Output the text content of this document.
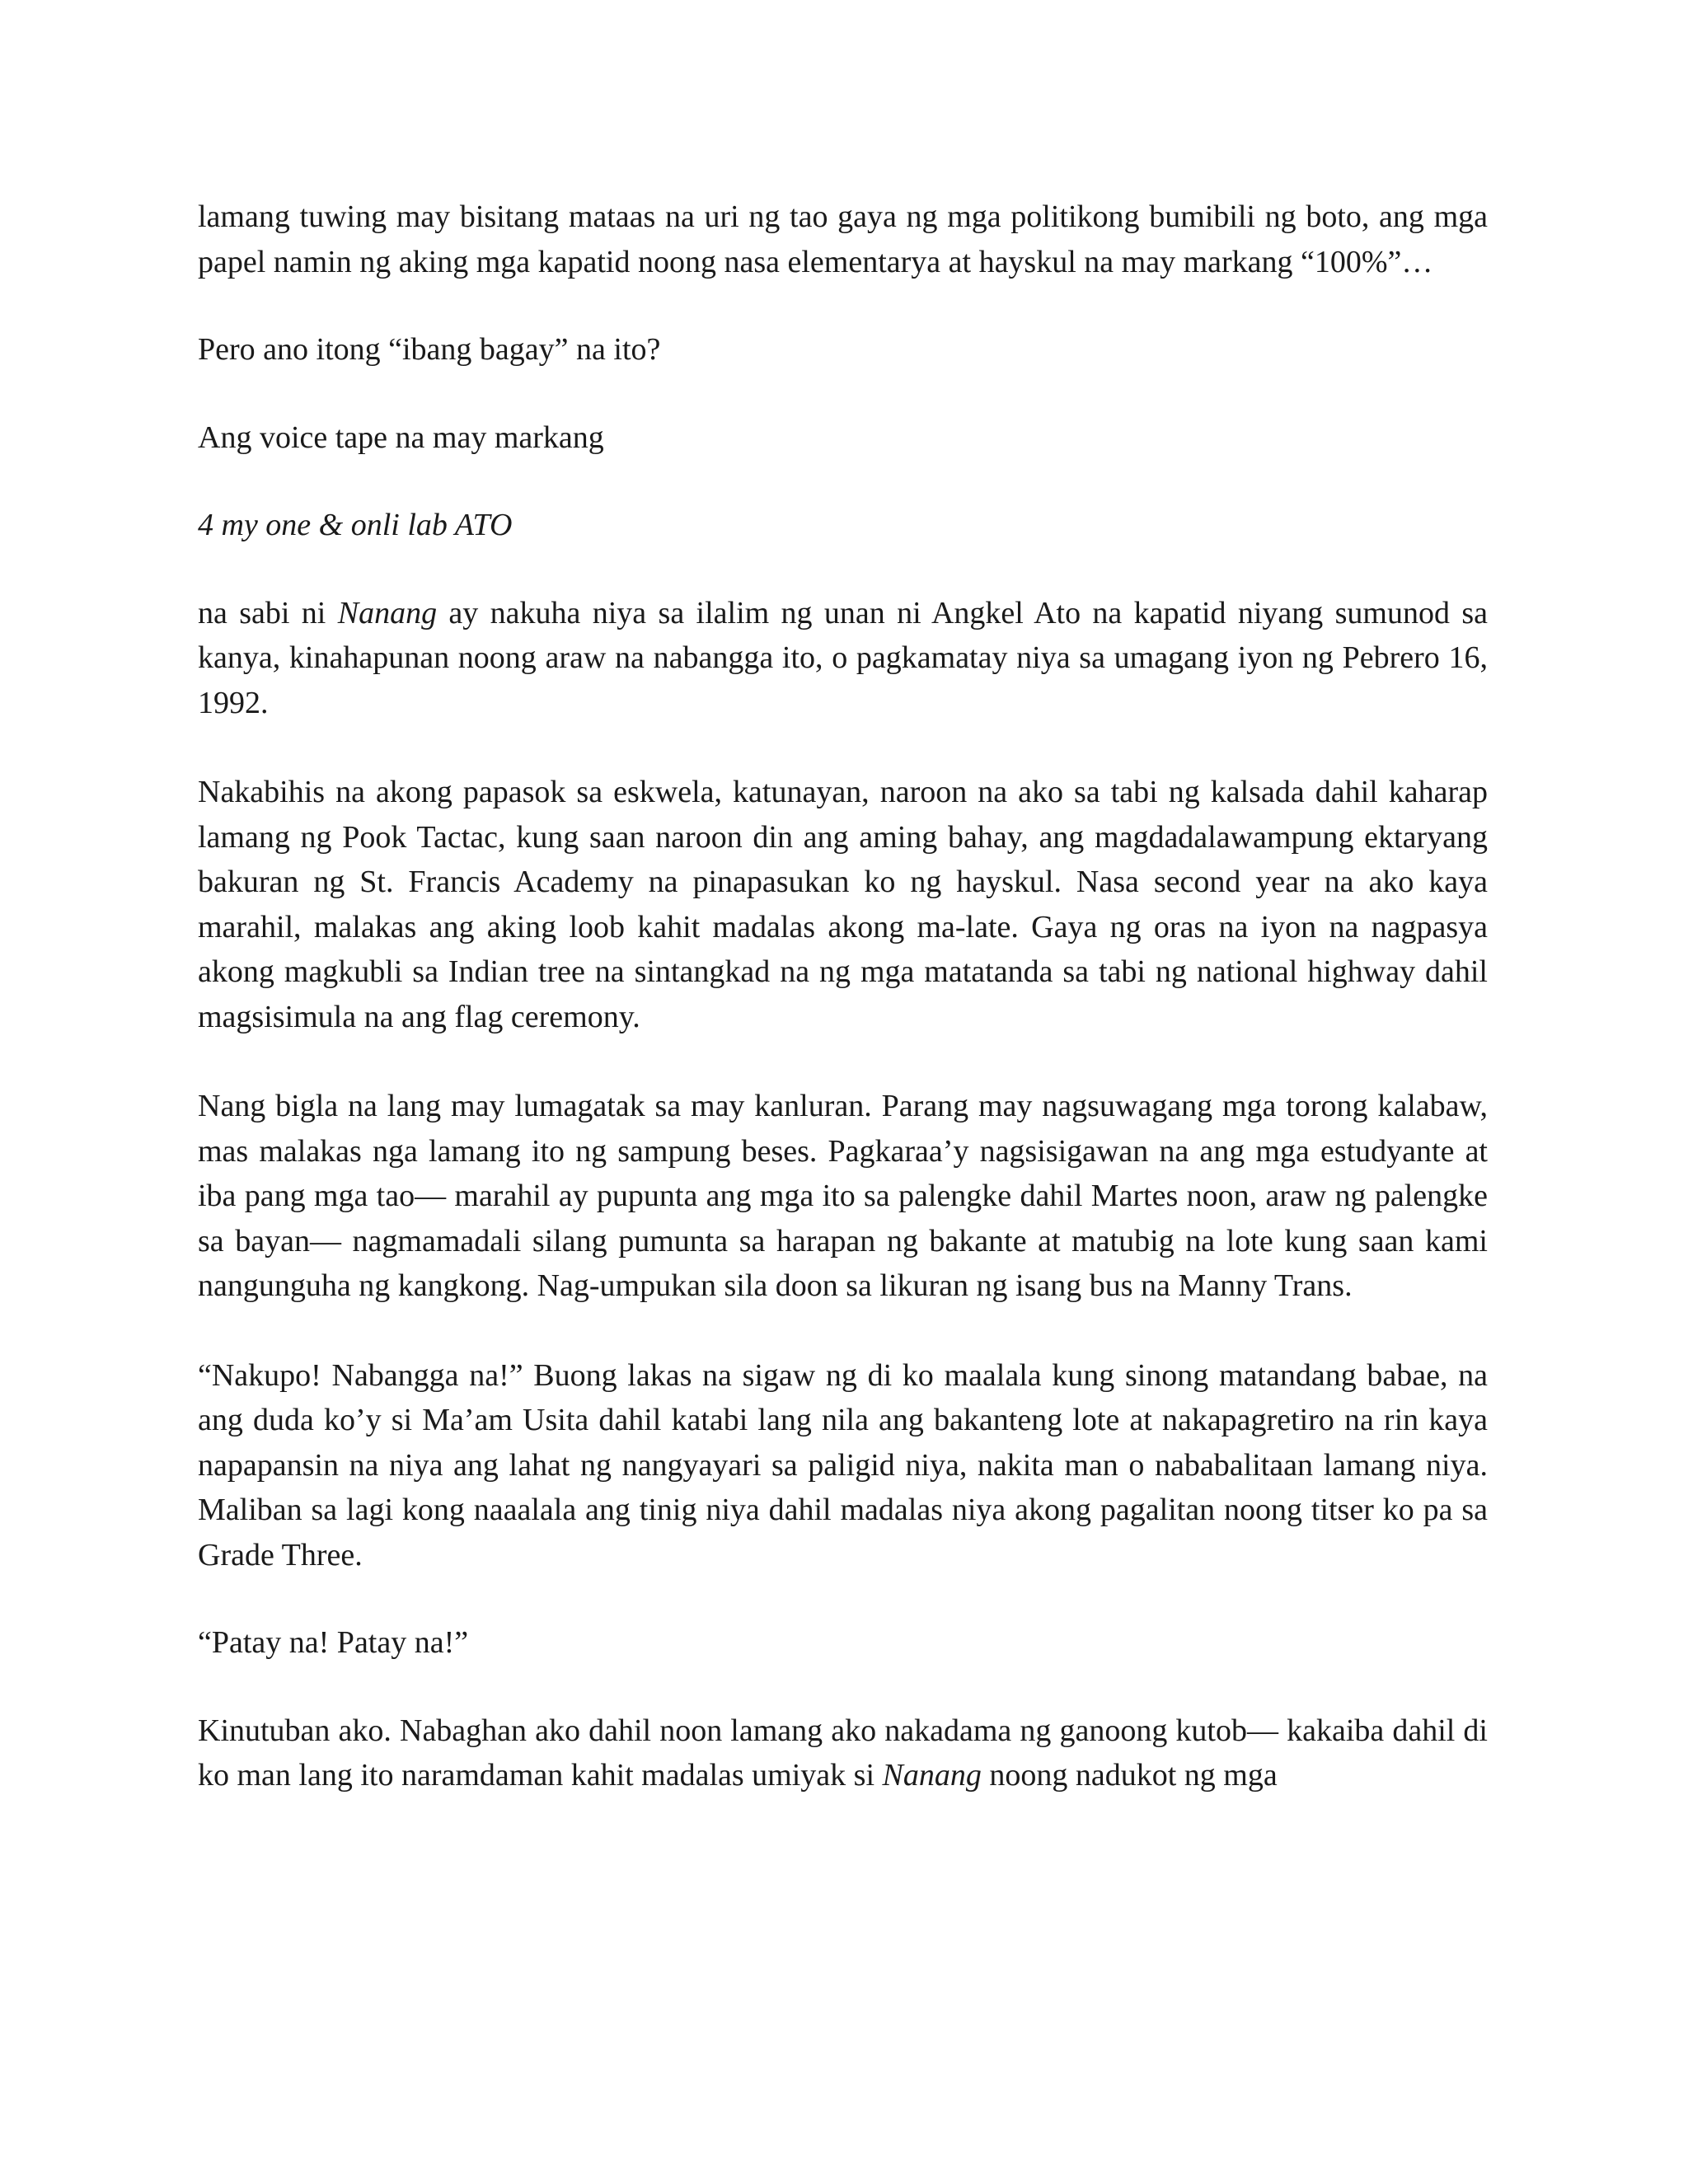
lamang tuwing may bisitang mataas na uri ng tao gaya ng mga politikong bumibili ng boto, ang mga papel namin ng aking mga kapatid noong nasa elementarya at hayskul na may markang “100%”…

Pero ano itong “ibang bagay” na ito?

Ang voice tape na may markang

4 my one & onli lab ATO

na sabi ni Nanang ay nakuha niya sa ilalim ng unan ni Angkel Ato na kapatid niyang sumunod sa kanya, kinahapunan noong araw na nabangga ito, o pagkamatay niya sa umagang iyon ng Pebrero 16, 1992.

Nakabihis na akong papasok sa eskwela, katunayan, naroon na ako sa tabi ng kalsada dahil kaharap lamang ng Pook Tactac, kung saan naroon din ang aming bahay, ang magdadalawampung ektaryang bakuran ng St. Francis Academy na pinapasukan ko ng hayskul. Nasa second year na ako kaya marahil, malakas ang aking loob kahit madalas akong ma-late. Gaya ng oras na iyon na nagpasya akong magkubli sa Indian tree na sintangkad na ng mga matatanda sa tabi ng national highway dahil magsisimula na ang flag ceremony.

Nang bigla na lang may lumagatak sa may kanluran. Parang may nagsuwagang mga torong kalabaw, mas malakas nga lamang ito ng sampung beses. Pagkaraa’y nagsisigawan na ang mga estudyante at iba pang mga tao— marahil ay pupunta ang mga ito sa palengke dahil Martes noon, araw ng palengke sa bayan— nagmamadali silang pumunta sa harapan ng bakante at matubig na lote kung saan kami nangunguha ng kangkong. Nag-umpukan sila doon sa likuran ng isang bus na Manny Trans.

“Nakupo! Nabangga na!” Buong lakas na sigaw ng di ko maalala kung sinong matandang babae, na ang duda ko’y si Ma’am Usita dahil katabi lang nila ang bakanteng lote at nakapagretiro na rin kaya napapansin na niya ang lahat ng nangyayari sa paligid niya, nakita man o nababalitaan lamang niya. Maliban sa lagi kong naaalala ang tinig niya dahil madalas niya akong pagalitan noong titser ko pa sa Grade Three.

“Patay na! Patay na!”

Kinutuban ako. Nabaghan ako dahil noon lamang ako nakadama ng ganoong kutob— kakaiba dahil di ko man lang ito naramdaman kahit madalas umiyak si Nanang noong nadukot ng mga
